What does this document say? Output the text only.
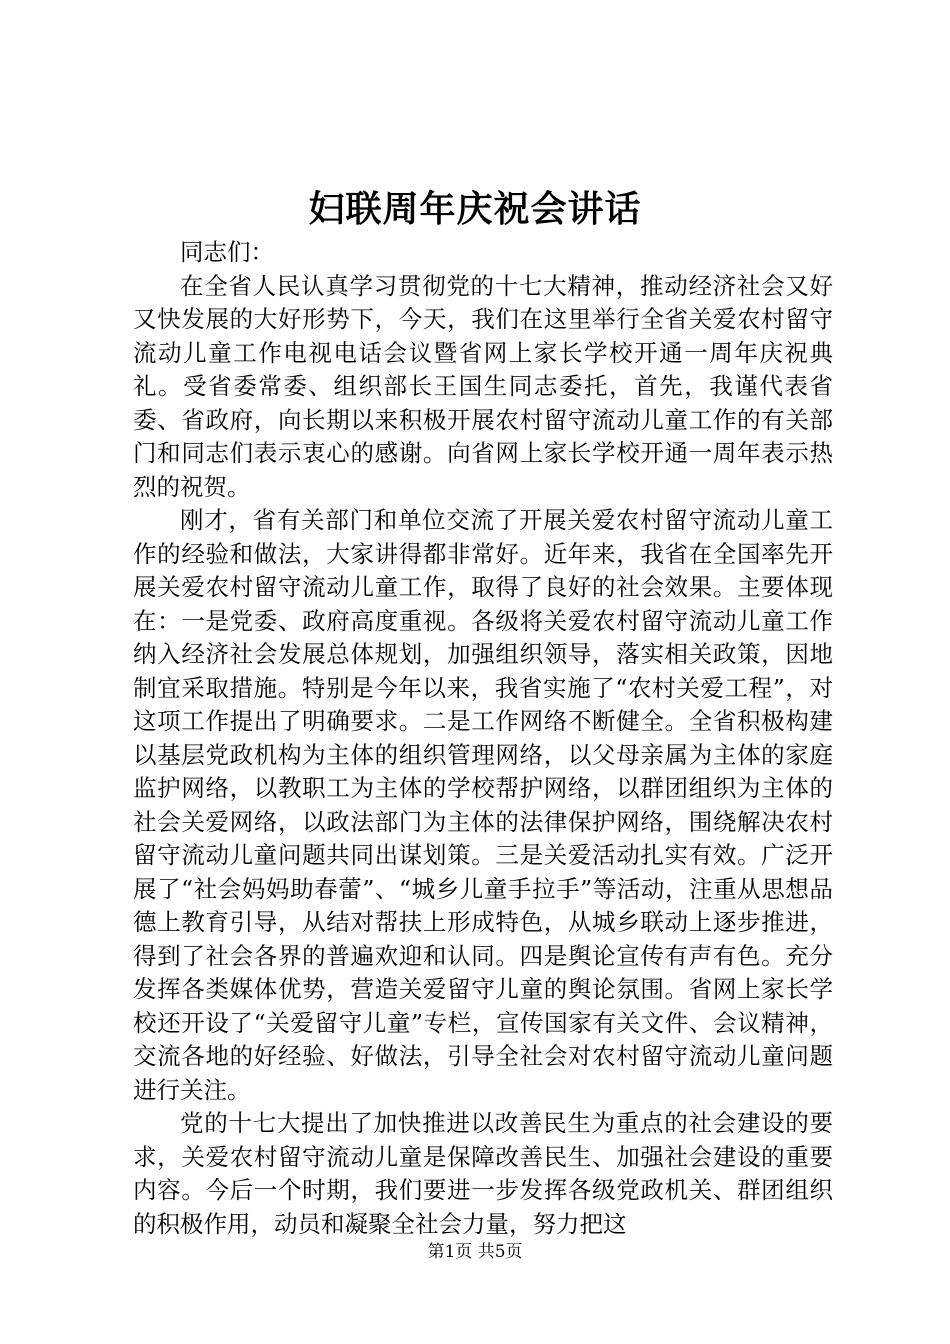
妇联周年庆祝会讲话

同志们：

在全省人民认真学习贯彻党的十七大精神，推动经济社会又好又快发展的大好形势下，今天，我们在这里举行全省关爱农村留守流动儿童工作电视电话会议暨省网上家长学校开通一周年庆祝典礼。受省委常委、组织部长王国生同志委托，首先，我谨代表省委、省政府，向长期以来积极开展农村留守流动儿童工作的有关部门和同志们表示衷心的感谢。向省网上家长学校开通一周年表示热烈的祝贺。

刚才，省有关部门和单位交流了开展关爱农村留守流动儿童工作的经验和做法，大家讲得都非常好。近年来，我省在全国率先开展关爱农村留守流动儿童工作，取得了良好的社会效果。主要体现在：一是党委、政府高度重视。各级将关爱农村留守流动儿童工作纳入经济社会发展总体规划，加强组织领导，落实相关政策，因地制宜采取措施。特别是今年以来，我省实施了“农村关爱工程”，对这项工作提出了明确要求。二是工作网络不断健全。全省积极构建以基层党政机构为主体的组织管理网络，以父母亲属为主体的家庭监护网络，以教职工为主体的学校帮护网络，以群团组织为主体的社会关爱网络，以政法部门为主体的法律保护网络，围绕解决农村留守流动儿童问题共同出谋划策。三是关爱活动扎实有效。广泛开展了“社会妈妈助春蕾”、“城乡儿童手拉手”等活动，注重从思想品德上教育引导，从结对帮扶上形成特色，从城乡联动上逐步推进，得到了社会各界的普遍欢迎和认同。四是舆论宣传有声有色。充分发挥各类媒体优势，营造关爱留守儿童的舆论氛围。省网上家长学校还开设了“关爱留守儿童”专栏，宣传国家有关文件、会议精神，交流各地的好经验、好做法，引导全社会对农村留守流动儿童问题进行关注。

党的十七大提出了加快推进以改善民生为重点的社会建设的要求，关爱农村留守流动儿童是保障改善民生、加强社会建设的重要内容。今后一个时期，我们要进一步发挥各级党政机关、群团组织的积极作用，动员和凝聚全社会力量，努力把这

第1页 共5页
